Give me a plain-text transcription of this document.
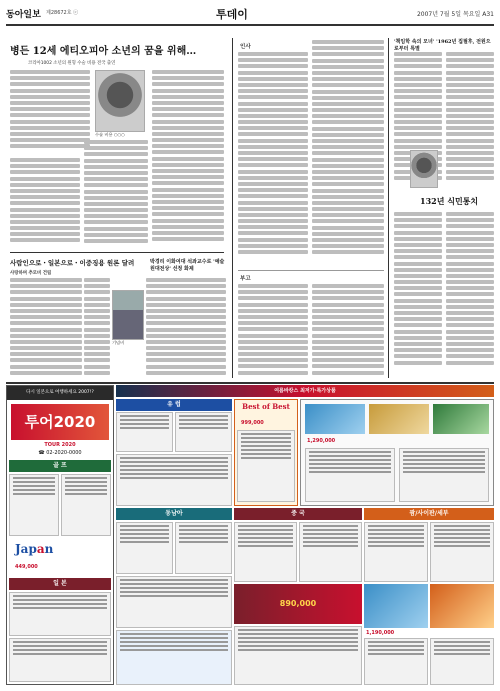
동아일보 제28672호 ⓒ	투데이	2007년 7월 5일 목요일 A31
병든 12세 에티오피아 소년의 꿈을 위해…
코리아1002 소년의 원형 수술 비용 전국 출연
수술 비용 ○○○
사람인으로・일본으로・이중징용 원론 달려
사랑하며 추모비 건립
기념비
박경리 이화여대 석좌교수로 '예술원대전상' 선정 화제
인사
부고
'책임학 속의 모녀' '1962년 집필후, 전원으로부터 특별
132년 식민통치
다시 일본으로 여행하세요 2007!?
투어2020
TOUR 2020
☎ 02-2020-0000
골 프
Japan
449,000
일 본
여름바캉스 최저가·특가상품
유 럽	Best of Best
999,000
1,290,000
동남아	중 국	괌/사이판/세부
890,000
1,190,000
